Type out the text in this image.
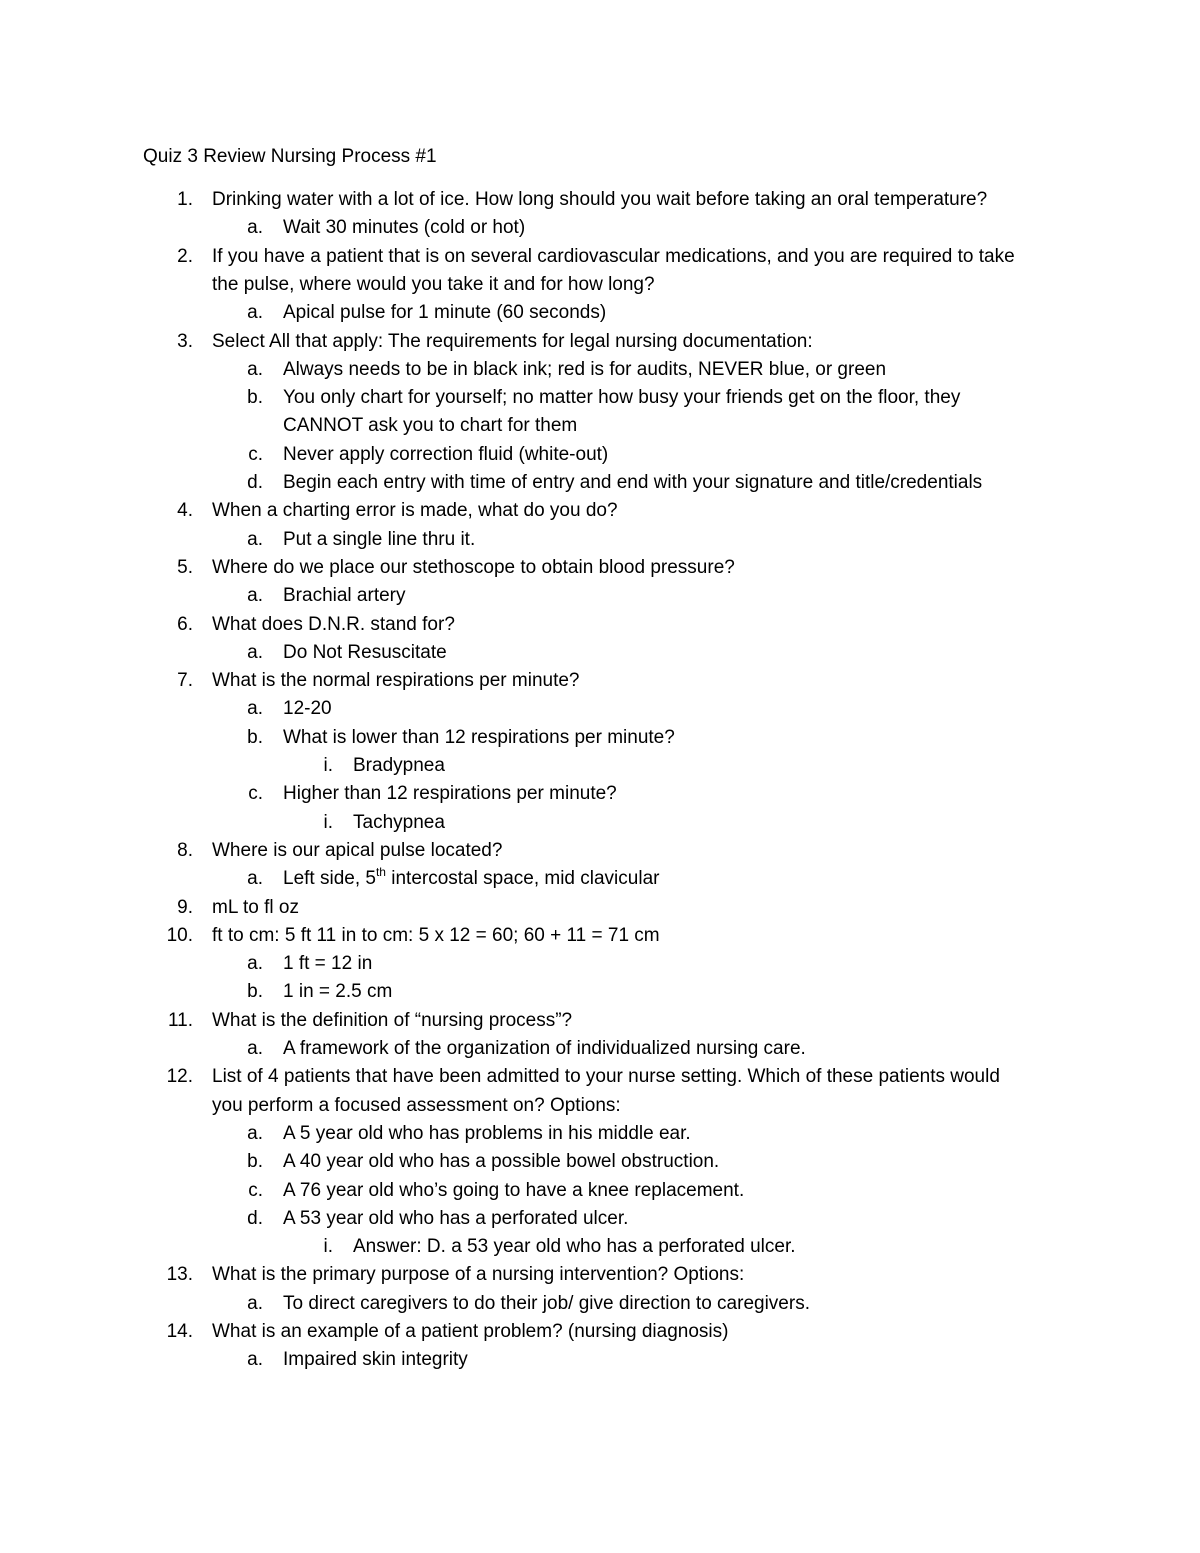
Quiz 3 Review Nursing Process #1
1. Drinking water with a lot of ice. How long should you wait before taking an oral temperature?
a. Wait 30 minutes (cold or hot)
2. If you have a patient that is on several cardiovascular medications, and you are required to take
the pulse, where would you take it and for how long?
a. Apical pulse for 1 minute (60 seconds)
3. Select All that apply: The requirements for legal nursing documentation:
a. Always needs to be in black ink; red is for audits, NEVER blue, or green
b. You only chart for yourself; no matter how busy your friends get on the floor, they
CANNOT ask you to chart for them
c. Never apply correction fluid (white-out)
d. Begin each entry with time of entry and end with your signature and title/credentials
4. When a charting error is made, what do you do?
a. Put a single line thru it.
5. Where do we place our stethoscope to obtain blood pressure?
a. Brachial artery
6. What does D.N.R. stand for?
a. Do Not Resuscitate
7. What is the normal respirations per minute?
a. 12-20
b. What is lower than 12 respirations per minute?
i. Bradypnea
c. Higher than 12 respirations per minute?
i. Tachypnea
8. Where is our apical pulse located?
a. Left side, 5th intercostal space, mid clavicular
9. mL to fl oz
10. ft to cm: 5 ft 11 in to cm: 5 x 12 = 60; 60 + 11 = 71 cm
a. 1 ft = 12 in
b. 1 in = 2.5 cm
11. What is the definition of “nursing process”?
a. A framework of the organization of individualized nursing care.
12. List of 4 patients that have been admitted to your nurse setting. Which of these patients would
you perform a focused assessment on? Options:
a. A 5 year old who has problems in his middle ear.
b. A 40 year old who has a possible bowel obstruction.
c. A 76 year old who’s going to have a knee replacement.
d. A 53 year old who has a perforated ulcer.
i. Answer: D. a 53 year old who has a perforated ulcer.
13. What is the primary purpose of a nursing intervention? Options:
a. To direct caregivers to do their job/ give direction to caregivers.
14. What is an example of a patient problem? (nursing diagnosis)
a. Impaired skin integrity
